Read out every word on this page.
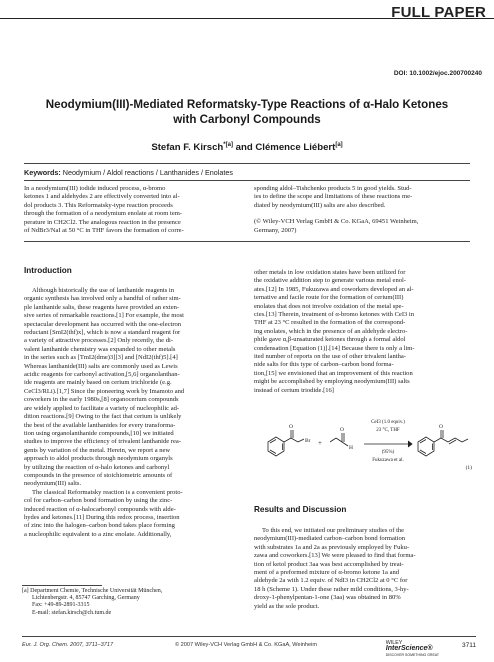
FULL PAPER
DOI: 10.1002/ejoc.200700240
Neodymium(III)-Mediated Reformatsky-Type Reactions of α-Halo Ketones
with Carbonyl Compounds
Stefan F. Kirsch$^{*[a]}$ and Clémence Liébert[a]
Keywords: Neodymium / Aldol reactions / Lanthanides / Enolates
In a neodymium(III) iodide induced process, α-bromo
ketones 1 and aldehydes 2 are effectively converted into al-
dol products 3. This Reformatsky-type reaction proceeds
through the formation of a neodymium enolate at room tem-
perature in CH2Cl2. The analogous reaction in the presence
of NdBr3/NaI at 50 °C in THF favors the formation of corre-
sponding aldol–Tishchenko products 5 in good yields. Stud-
ies to define the scope and limitations of these reactions me-
diated by neodymium(III) salts are also described.
(© Wiley-VCH Verlag GmbH & Co. KGaA, 69451 Weinheim,
Germany, 2007)
Introduction
Although historically the use of lanthanide reagents in
organic synthesis has involved only a handful of rather sim-
ple lanthanide salts, these reagents have provided an exten-
sive series of remarkable reactions.[1] For example, the most
spectacular development has occurred with the one-electron
reductant [SmI2(thf)x], which is now a standard reagent for
a variety of attractive processes.[2] Only recently, the di-
valent lanthanide chemistry was expanded to other metals
in the series such as [TmI2(dme)3][3] and [NdI2(thf)5].[4]
Whereas lanthanide(III) salts are commonly used as Lewis
acidic reagents for carbonyl activation,[5,6] organolanthan-
ide reagents are mainly based on cerium trichloride (e.g.
CeCl3/RLi).[1,7] Since the pioneering work by Imamoto and
coworkers in the early 1980s,[8] organocerium compounds
are widely applied to facilitate a variety of nucleophilic ad-
dition reactions.[9] Owing to the fact that cerium is unlikely
the best of the available lanthanides for every transforma-
tion using organolanthanide compounds,[10] we initiated
studies to improve the efficiency of trivalent lanthanide rea-
gents by variation of the metal. Herein, we report a new
approach to aldol products through neodymium organyls
by utilizing the reaction of α-halo ketones and carbonyl
compounds in the presence of stoichiometric amounts of
neodymium(III) salts.
The classical Reformatsky reaction is a convenient proto-
col for carbon–carbon bond formation by using the zinc-
induced reaction of α-halocarbonyl compounds with alde-
hydes and ketones.[11] During this redox process, insertion
of zinc into the halogen–carbon bond takes place forming
a nucleophilic equivalent to a zinc enolate. Additionally,
other metals in low oxidation states have been utilized for
the oxidative addition step to generate various metal enol-
ates.[12] In 1985, Fukuzawa and coworkers developed an al-
ternative and facile route for the formation of cerium(III)
enolates that does not involve oxidation of the metal spe-
cies.[13] Therein, treatment of α-bromo ketones with CeI3 in
THF at 23 °C resulted in the formation of the correspond-
ing enolates, which in the presence of an aldehyde electro-
phile gave α,β-unsaturated ketones through a formal aldol
condensation [Equation (1)].[14] Because there is only a lim-
ited number of reports on the use of other trivalent lantha-
nide salts for this type of carbon–carbon bond forma-
tion,[15] we envisioned that an improvement of this reaction
might be accomplished by employing neodymium(III) salts
instead of cerium triodide.[16]
O
Br +
O
H
O
CeI3 (1.0 equiv.)
23 °C, THF
(95%)
Fukuzawa et al.
(1)
Results and Discussion
To this end, we initiated our preliminary studies of the
neodymium(III)-mediated carbon–carbon bond formation
with substrates 1a and 2a as previously employed by Fuku-
zawa and coworkers.[13] We were pleased to find that forma-
tion of ketol product 3aa was best accomplished by treat-
ment of a preformed mixture of α-bromo ketone 1a and
aldehyde 2a with 1.2 equiv. of NdI3 in CH2Cl2 at 0 °C for
18 h (Scheme 1). Under these rather mild conditions, 3-hy-
droxy-1-phenylpentan-1-one (3aa) was obtained in 80%
yield as the sole product.
[a] Department Chemie, Technische Universität München,
Lichtenbergstr. 4, 85747 Garching, Germany
Fax: +49-89-2891-3315
E-mail: stefan.kirsch@ch.tum.de
Eur. J. Org. Chem. 2007, 3711–3717	© 2007 Wiley-VCH Verlag GmbH & Co. KGaA, Weinheim	WILEY
InterScience®
DISCOVER SOMETHING GREAT
3711
